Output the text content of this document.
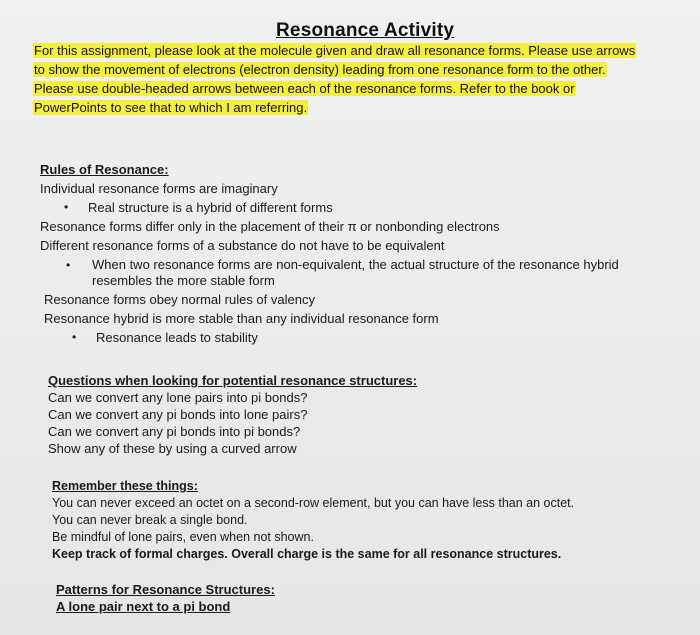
Resonance Activity
For this assignment, please look at the molecule given and draw all resonance forms. Please use arrows
to show the movement of electrons (electron density) leading from one resonance form to the other.
Please use double-headed arrows between each of the resonance forms. Refer to the book or
PowerPoints to see that to which I am referring.
Rules of Resonance:
Individual resonance forms are imaginary
• Real structure is a hybrid of different forms
Resonance forms differ only in the placement of their π or nonbonding electrons
Different resonance forms of a substance do not have to be equivalent
• When two resonance forms are non-equivalent, the actual structure of the resonance hybrid resembles the more stable form
Resonance forms obey normal rules of valency
Resonance hybrid is more stable than any individual resonance form
• Resonance leads to stability
Questions when looking for potential resonance structures:
Can we convert any lone pairs into pi bonds?
Can we convert any pi bonds into lone pairs?
Can we convert any pi bonds into pi bonds?
Show any of these by using a curved arrow
Remember these things:
You can never exceed an octet on a second-row element, but you can have less than an octet.
You can never break a single bond.
Be mindful of lone pairs, even when not shown.
Keep track of formal charges. Overall charge is the same for all resonance structures.
Patterns for Resonance Structures:
A lone pair next to a pi bond
